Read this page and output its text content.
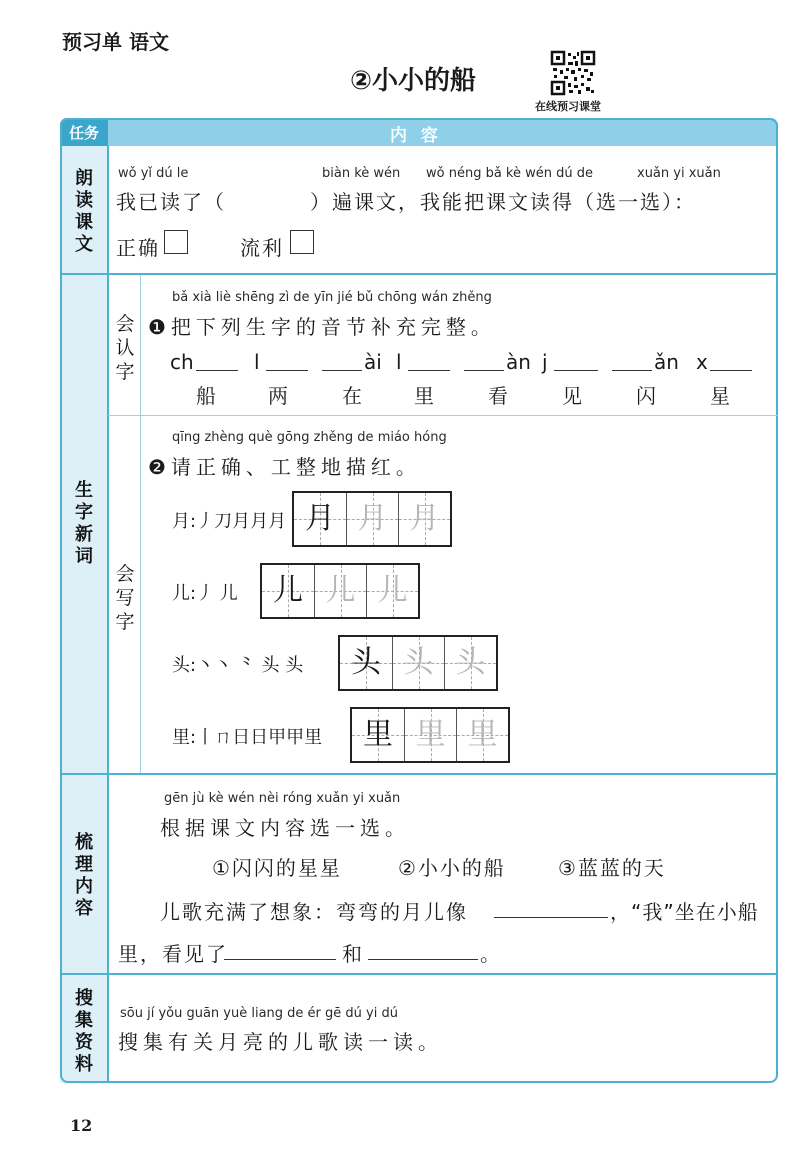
预习单 语文
②小小的船
在线预习课堂
任务	内 容
朗读课文
wǒ yǐ dú le	biàn kè wén wǒ néng bǎ kè wén dú de	xuǎn yi xuǎn
我已读了（	）遍课文，我能把课文读得（选一选）：
正确	流利
生字新词
会认字
bǎ xià liè shēng zì de yīn jié bǔ chōng wán zhěng
❶把下列生字的音节补充完整。
ch	l	ài l	àn j	ǎn x
船	两	在	里	看	见	闪	星
会写字
qīng zhèng què gōng zhěng de miáo hóng
❷请正确、工整地描红。
月:丿刀月月月 月 月 月
儿:丿 儿	儿 儿 儿
头:丶丶 ⺀ 头 头	头 头 头
里:丨ㄇ日日甲甲里	里 里 里
梳理内容
gēn jù kè wén nèi róng xuǎn yi xuǎn
根据课文内容选一选。
①闪闪的星星	②小小的船	③蓝蓝的天
儿歌充满了想象：弯弯的月儿像	，“我”坐在小船
里，看见了	和	。
搜集资料
sōu jí yǒu guān yuè liang de ér gē dú yi dú
搜集有关月亮的儿歌读一读。
12
